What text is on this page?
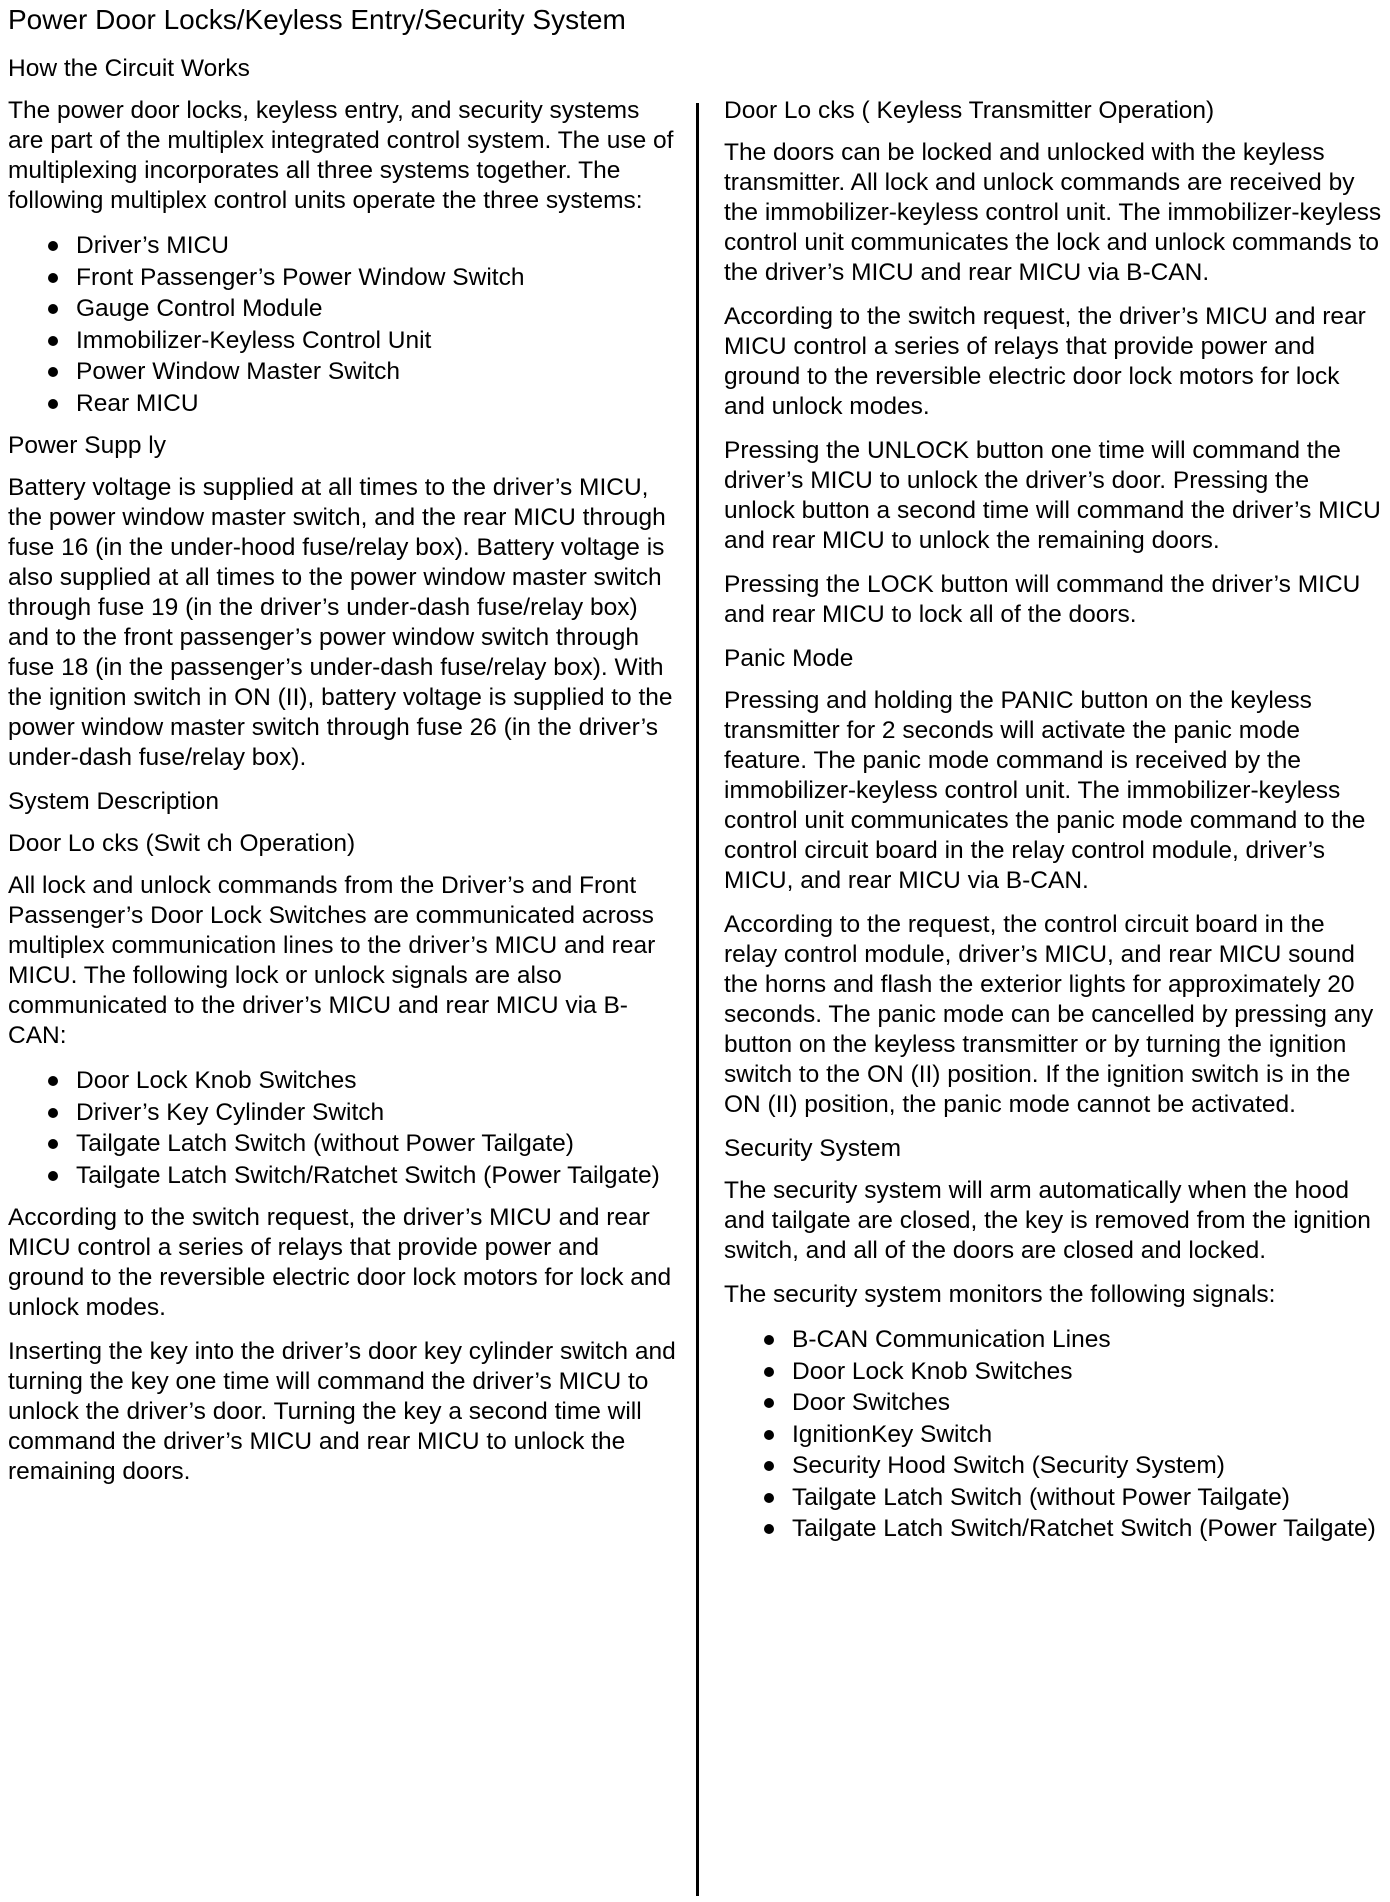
Power Door Locks/Keyless Entry/Security System

How the Circuit Works

The power door locks, keyless entry, and security systems are part of the multiplex integrated control system. The use of multiplexing incorporates all three systems together. The following multiplex control units operate the three systems:

Driver’s MICU
Front Passenger’s Power Window Switch
Gauge Control Module
Immobilizer-Keyless Control Unit
Power Window Master Switch
Rear MICU

Power Supp ly

Battery voltage is supplied at all times to the driver’s MICU, the power window master switch, and the rear MICU through fuse 16 (in the under-hood fuse/relay box). Battery voltage is also supplied at all times to the power window master switch through fuse 19 (in the driver’s under-dash fuse/relay box) and to the front passenger’s power window switch through fuse 18 (in the passenger’s under-dash fuse/relay box). With the ignition switch in ON (II), battery voltage is supplied to the power window master switch through fuse 26 (in the driver’s under-dash fuse/relay box).

System Description

Door Lo cks (Swit ch Operation)

All lock and unlock commands from the Driver’s and Front Passenger’s Door Lock Switches are communicated across multiplex communication lines to the driver’s MICU and rear MICU. The following lock or unlock signals are also communicated to the driver’s MICU and rear MICU via B-CAN:

Door Lock Knob Switches
Driver’s Key Cylinder Switch
Tailgate Latch Switch (without Power Tailgate)
Tailgate Latch Switch/Ratchet Switch (Power Tailgate)

According to the switch request, the driver’s MICU and rear MICU control a series of relays that provide power and ground to the reversible electric door lock motors for lock and unlock modes.

Inserting the key into the driver’s door key cylinder switch and turning the key one time will command the driver’s MICU to unlock the driver’s door. Turning the key a second time will command the driver’s MICU and rear MICU to unlock the remaining doors.

Door Lo cks ( Keyless Transmitter Operation)

The doors can be locked and unlocked with the keyless transmitter. All lock and unlock commands are received by the immobilizer-keyless control unit. The immobilizer-keyless control unit communicates the lock and unlock commands to the driver’s MICU and rear MICU via B-CAN.

According to the switch request, the driver’s MICU and rear MICU control a series of relays that provide power and ground to the reversible electric door lock motors for lock and unlock modes.

Pressing the UNLOCK button one time will command the driver’s MICU to unlock the driver’s door. Pressing the unlock button a second time will command the driver’s MICU and rear MICU to unlock the remaining doors.

Pressing the LOCK button will command the driver’s MICU and rear MICU to lock all of the doors.

Panic Mode

Pressing and holding the PANIC button on the keyless transmitter for 2 seconds will activate the panic mode feature. The panic mode command is received by the immobilizer-keyless control unit. The immobilizer-keyless control unit communicates the panic mode command to the control circuit board in the relay control module, driver’s MICU, and rear MICU via B-CAN.

According to the request, the control circuit board in the relay control module, driver’s MICU, and rear MICU sound the horns and flash the exterior lights for approximately 20 seconds. The panic mode can be cancelled by pressing any button on the keyless transmitter or by turning the ignition switch to the ON (II) position. If the ignition switch is in the ON (II) position, the panic mode cannot be activated.

Security System

The security system will arm automatically when the hood and tailgate are closed, the key is removed from the ignition switch, and all of the doors are closed and locked.

The security system monitors the following signals:

B-CAN Communication Lines
Door Lock Knob Switches
Door Switches
IgnitionKey Switch
Security Hood Switch (Security System)
Tailgate Latch Switch (without Power Tailgate)
Tailgate Latch Switch/Ratchet Switch (Power Tailgate)
